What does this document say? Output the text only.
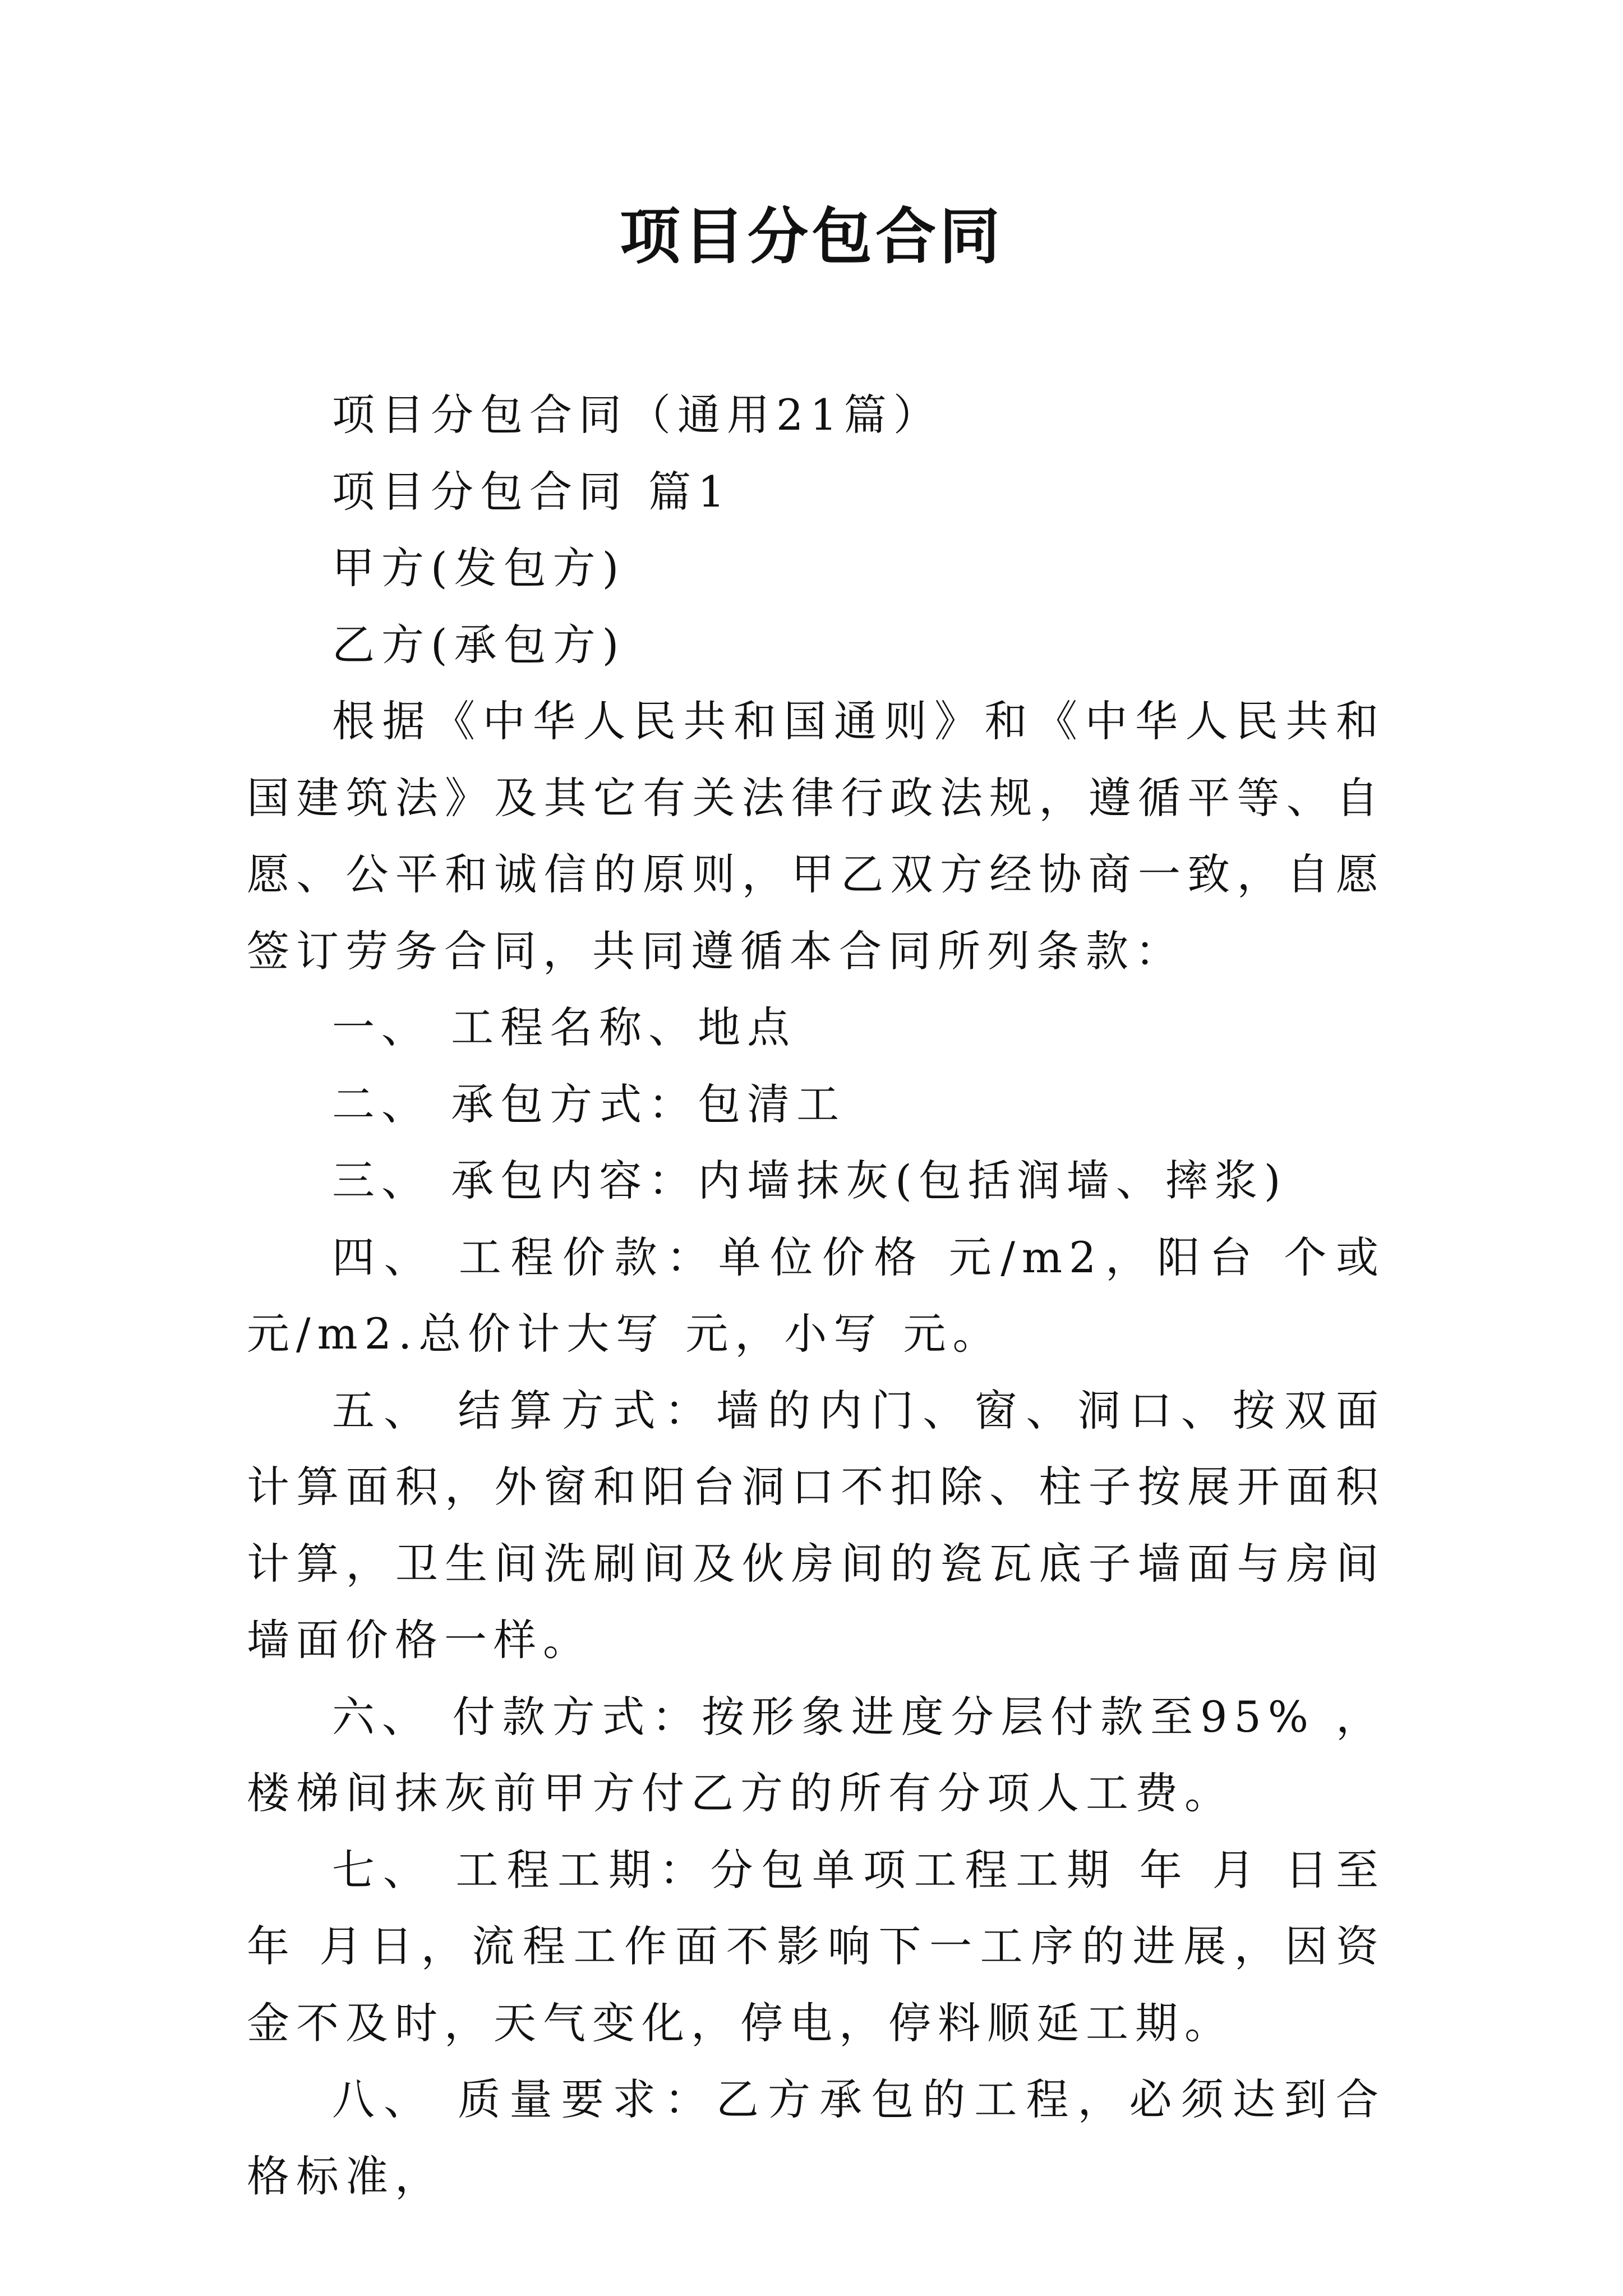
项目分包合同

项目分包合同（通用21篇）

项目分包合同 篇1

甲方(发包方)

乙方(承包方)

根据《中华人民共和国通则》和《中华人民共和国建筑法》及其它有关法律行政法规，遵循平等、自愿、公平和诚信的原则，甲乙双方经协商一致，自愿签订劳务合同，共同遵循本合同所列条款：

一、 工程名称、地点

二、 承包方式：包清工

三、 承包内容：内墙抹灰(包括润墙、摔浆)

四、 工程价款：单位价格 元/m2，阳台 个或元/m2.总价计大写 元，小写 元。

五、 结算方式：墙的内门、窗、洞口、按双面计算面积，外窗和阳台洞口不扣除、柱子按展开面积计算，卫生间洗刷间及伙房间的瓷瓦底子墙面与房间墙面价格一样。

六、 付款方式：按形象进度分层付款至95% ，楼梯间抹灰前甲方付乙方的所有分项人工费。

七、 工程工期：分包单项工程工期 年 月 日至 年 月日，流程工作面不影响下一工序的进展，因资金不及时，天气变化，停电，停料顺延工期。

八、 质量要求：乙方承包的工程，必须达到合格标准，
